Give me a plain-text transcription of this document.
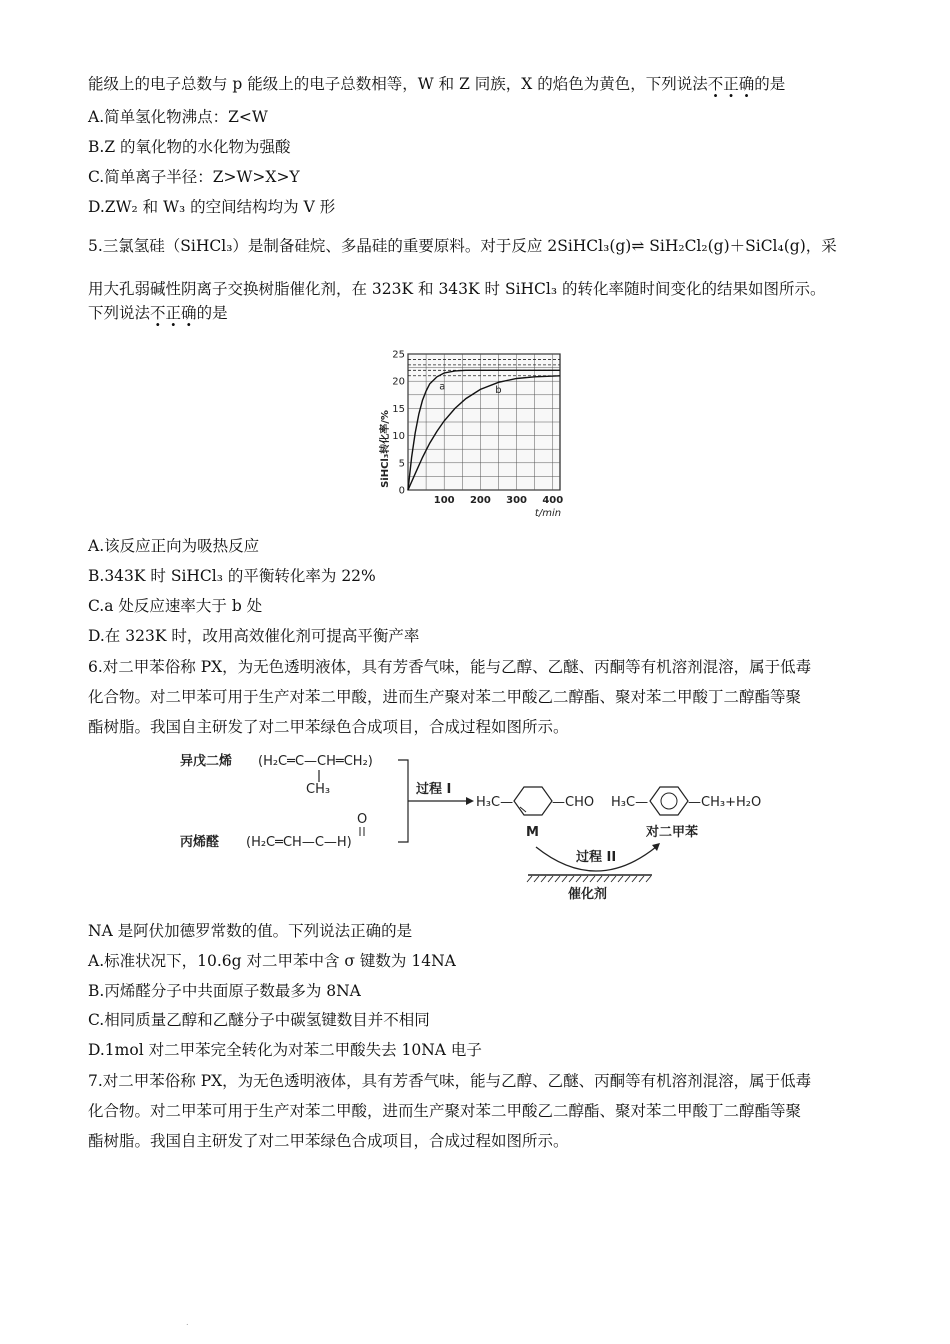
能级上的电子总数与 p 能级上的电子总数相等，W 和 Z 同族，X 的焰色为黄色，下列说法不正确的是
A.简单氢化物沸点：Z<W
B.Z 的氧化物的水化物为强酸
C.简单离子半径：Z>W>X>Y
D.ZW₂ 和 W₃ 的空间结构均为 V 形
5.三氯氢硅（SiHCl₃）是制备硅烷、多晶硅的重要原料。对于反应 2SiHCl₃(g)⇌ SiH₂Cl₂(g)＋SiCl₄(g)，采
用大孔弱碱性阴离子交换树脂催化剂，在 323K 和 343K 时 SiHCl₃ 的转化率随时间变化的结果如图所示。
下列说法不正确的是
a	b
100 200 300 400
0
5
10
15
20
25
SiHCl₃转化率/%
t/min
A.该反应正向为吸热反应
B.343K 时 SiHCl₃ 的平衡转化率为 22%
C.a 处反应速率大于 b 处
D.在 323K 时，改用高效催化剂可提高平衡产率
6.对二甲苯俗称 PX，为无色透明液体，具有芳香气味，能与乙醇、乙醚、丙酮等有机溶剂混溶，属于低毒
化合物。对二甲苯可用于生产对苯二甲酸，进而生产聚对苯二甲酸乙二醇酯、聚对苯二甲酸丁二醇酯等聚
酯树脂。我国自主研发了对二甲苯绿色合成项目，合成过程如图所示。
异戊二烯 (H₂C═C—CH═CH₂)
CH₃
O
丙烯醛 (H₂C═CH—C—H)
过程 I
H₃C—	—CHO
M
H₃C—	—CH₃+H₂O
对二甲苯
过程 II
催化剂
NA 是阿伏加德罗常数的值。下列说法正确的是
A.标准状况下，10.6g 对二甲苯中含 σ 键数为 14NA
B.丙烯醛分子中共面原子数最多为 8NA
C.相同质量乙醇和乙醚分子中碳氢键数目并不相同
D.1mol 对二甲苯完全转化为对苯二甲酸失去 10NA 电子
7.对二甲苯俗称 PX，为无色透明液体，具有芳香气味，能与乙醇、乙醚、丙酮等有机溶剂混溶，属于低毒
化合物。对二甲苯可用于生产对苯二甲酸，进而生产聚对苯二甲酸乙二醇酯、聚对苯二甲酸丁二醇酯等聚
酯树脂。我国自主研发了对二甲苯绿色合成项目，合成过程如图所示。
.
